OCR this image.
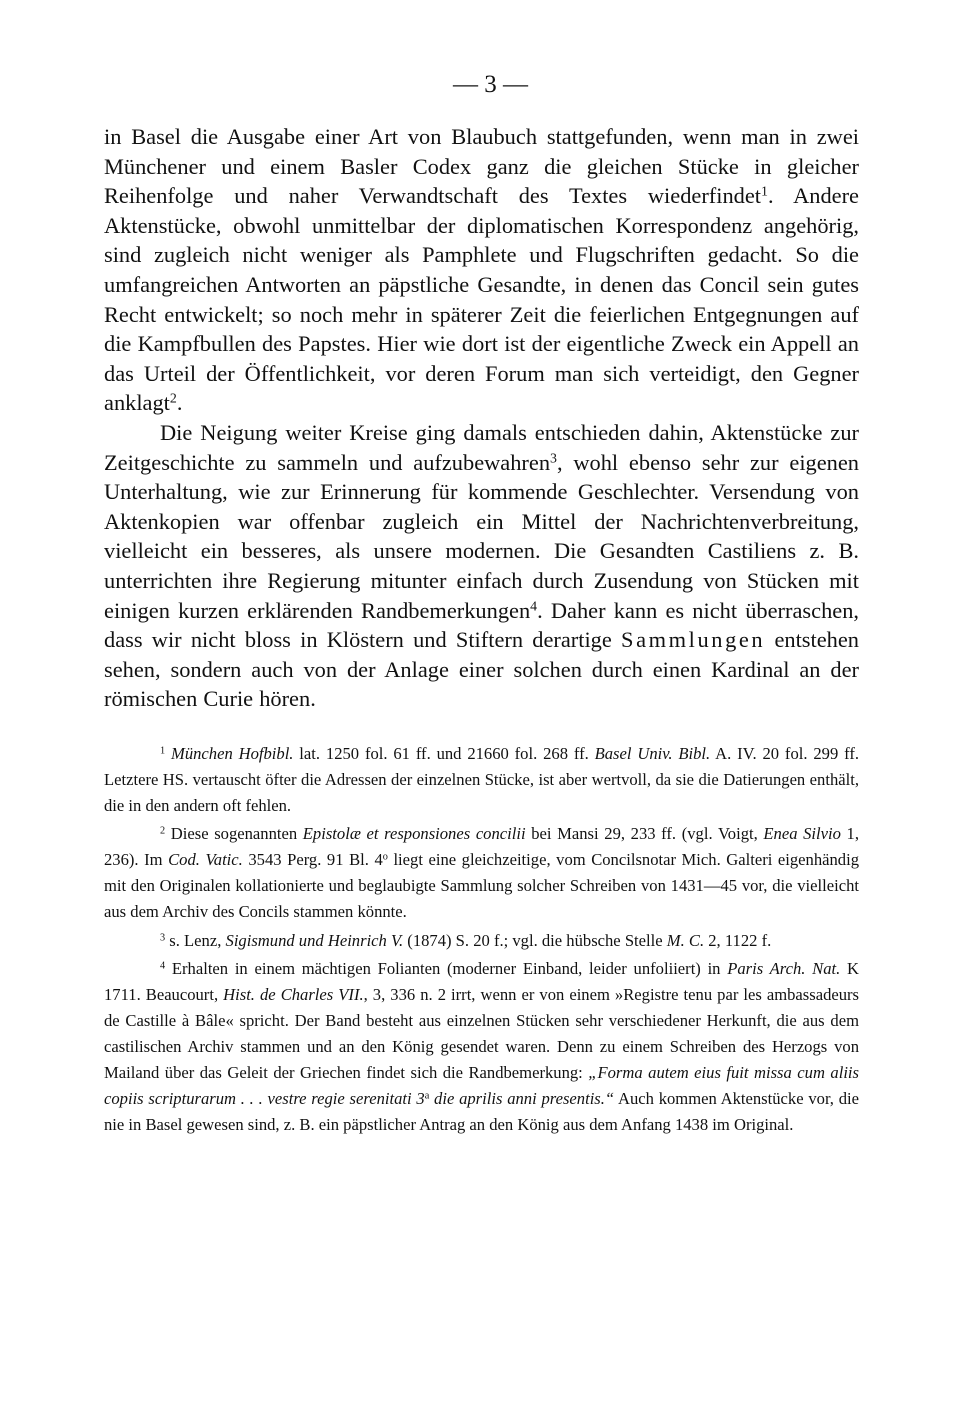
— 3 —

in Basel die Ausgabe einer Art von Blaubuch stattgefunden, wenn man in zwei Münchener und einem Basler Codex ganz die gleichen Stücke in gleicher Reihenfolge und naher Verwandtschaft des Textes wiederfindet$^1$. Andere Aktenstücke, obwohl unmittelbar der diplomatischen Korrespondenz angehörig, sind zugleich nicht weniger als Pamphlete und Flugschriften gedacht. So die umfangreichen Antworten an päpstliche Gesandte, in denen das Concil sein gutes Recht entwickelt; so noch mehr in späterer Zeit die feierlichen Entgegnungen auf die Kampfbullen des Papstes. Hier wie dort ist der eigentliche Zweck ein Appell an das Urteil der Öffentlichkeit, vor deren Forum man sich verteidigt, den Gegner anklagt$^2$.

Die Neigung weiter Kreise ging damals entschieden dahin, Aktenstücke zur Zeitgeschichte zu sammeln und aufzubewahren$^3$, wohl ebenso sehr zur eigenen Unterhaltung, wie zur Erinnerung für kommende Geschlechter. Versendung von Aktenkopien war offenbar zugleich ein Mittel der Nachrichtenverbreitung, vielleicht ein besseres, als unsere modernen. Die Gesandten Castiliens z. B. unterrichten ihre Regierung mitunter einfach durch Zusendung von Stücken mit einigen kurzen erklärenden Randbemerkungen$^4$. Daher kann es nicht überraschen, dass wir nicht bloss in Klöstern und Stiftern derartige Sammlungen entstehen sehen, sondern auch von der Anlage einer solchen durch einen Kardinal an der römischen Curie hören.

$^1$ München Hofbibl. lat. 1250 fol. 61 ff. und 21660 fol. 268 ff. Basel Univ. Bibl. A. IV. 20 fol. 299 ff. Letztere HS. vertauscht öfter die Adressen der einzelnen Stücke, ist aber wertvoll, da sie die Datierungen enthält, die in den andern oft fehlen.

$^2$ Diese sogenannten Epistolæ et responsiones concilii bei Mansi 29, 233 ff. (vgl. Voigt, Enea Silvio 1, 236). Im Cod. Vatic. 3543 Perg. 91 Bl. 4$^o$ liegt eine gleichzeitige, vom Concilsnotar Mich. Galteri eigenhändig mit den Originalen kollationierte und beglaubigte Sammlung solcher Schreiben von 1431—45 vor, die vielleicht aus dem Archiv des Concils stammen könnte.

$^3$ s. Lenz, Sigismund und Heinrich V. (1874) S. 20 f.; vgl. die hübsche Stelle M. C. 2, 1122 f.

$^4$ Erhalten in einem mächtigen Folianten (moderner Einband, leider unfoliiert) in Paris Arch. Nat. K 1711. Beaucourt, Hist. de Charles VII., 3, 336 n. 2 irrt, wenn er von einem »Registre tenu par les ambassadeurs de Castille à Bâle« spricht. Der Band besteht aus einzelnen Stücken sehr verschiedener Herkunft, die aus dem castilischen Archiv stammen und an den König gesendet waren. Denn zu einem Schreiben des Herzogs von Mailand über das Geleit der Griechen findet sich die Randbemerkung: „Forma autem eius fuit missa cum aliis copiis scripturarum . . . vestre regie serenitati 3$^a$ die aprilis anni presentis.“ Auch kommen Aktenstücke vor, die nie in Basel gewesen sind, z. B. ein päpstlicher Antrag an den König aus dem Anfang 1438 im Original.
